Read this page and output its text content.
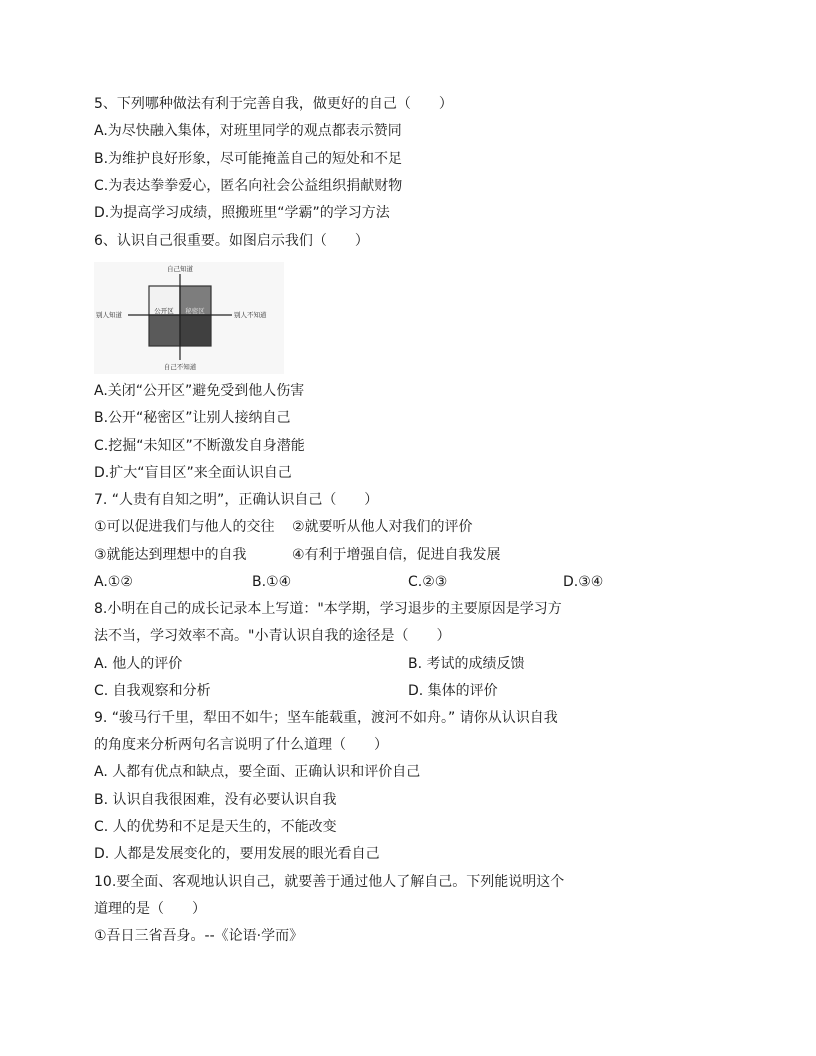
5、下列哪种做法有利于完善自我，做更好的自己（　　）
A.为尽快融入集体，对班里同学的观点都表示赞同
B.为维护良好形象，尽可能掩盖自己的短处和不足
C.为表达拳拳爱心，匿名向社会公益组织捐献财物
D.为提高学习成绩，照搬班里“学霸”的学习方法
6、认识自己很重要。如图启示我们（　　）
自己知道
自己不知道
别人知道	别人不知道
公开区 秘密区
A.关闭“公开区”避免受到他人伤害
B.公开“秘密区”让别人接纳自己
C.挖掘“未知区”不断激发自身潜能
D.扩大“盲目区”来全面认识自己
7. “人贵有自知之明”，正确认识自己（　　）
①可以促进我们与他人的交往 ②就要听从他人对我们的评价
③就能达到理想中的自我	④有利于增强自信，促进自我发展
A.①②	B.①④	C.②③	D.③④
8.小明在自己的成长记录本上写道："本学期，学习退步的主要原因是学习方
法不当，学习效率不高。"小青认识自我的途径是（　　）
A. 他人的评价	B. 考试的成绩反馈
C. 自我观察和分析	D. 集体的评价
9. “骏马行千里，犁田不如牛；坚车能载重，渡河不如舟。” 请你从认识自我
的角度来分析两句名言说明了什么道理（　　）
A. 人都有优点和缺点，要全面、正确认识和评价自己
B. 认识自我很困难，没有必要认识自我
C. 人的优势和不足是天生的，不能改变
D. 人都是发展变化的，要用发展的眼光看自己
10.要全面、客观地认识自己，就要善于通过他人了解自己。下列能说明这个
道理的是（　　）
①吾日三省吾身。--《论语·学而》
